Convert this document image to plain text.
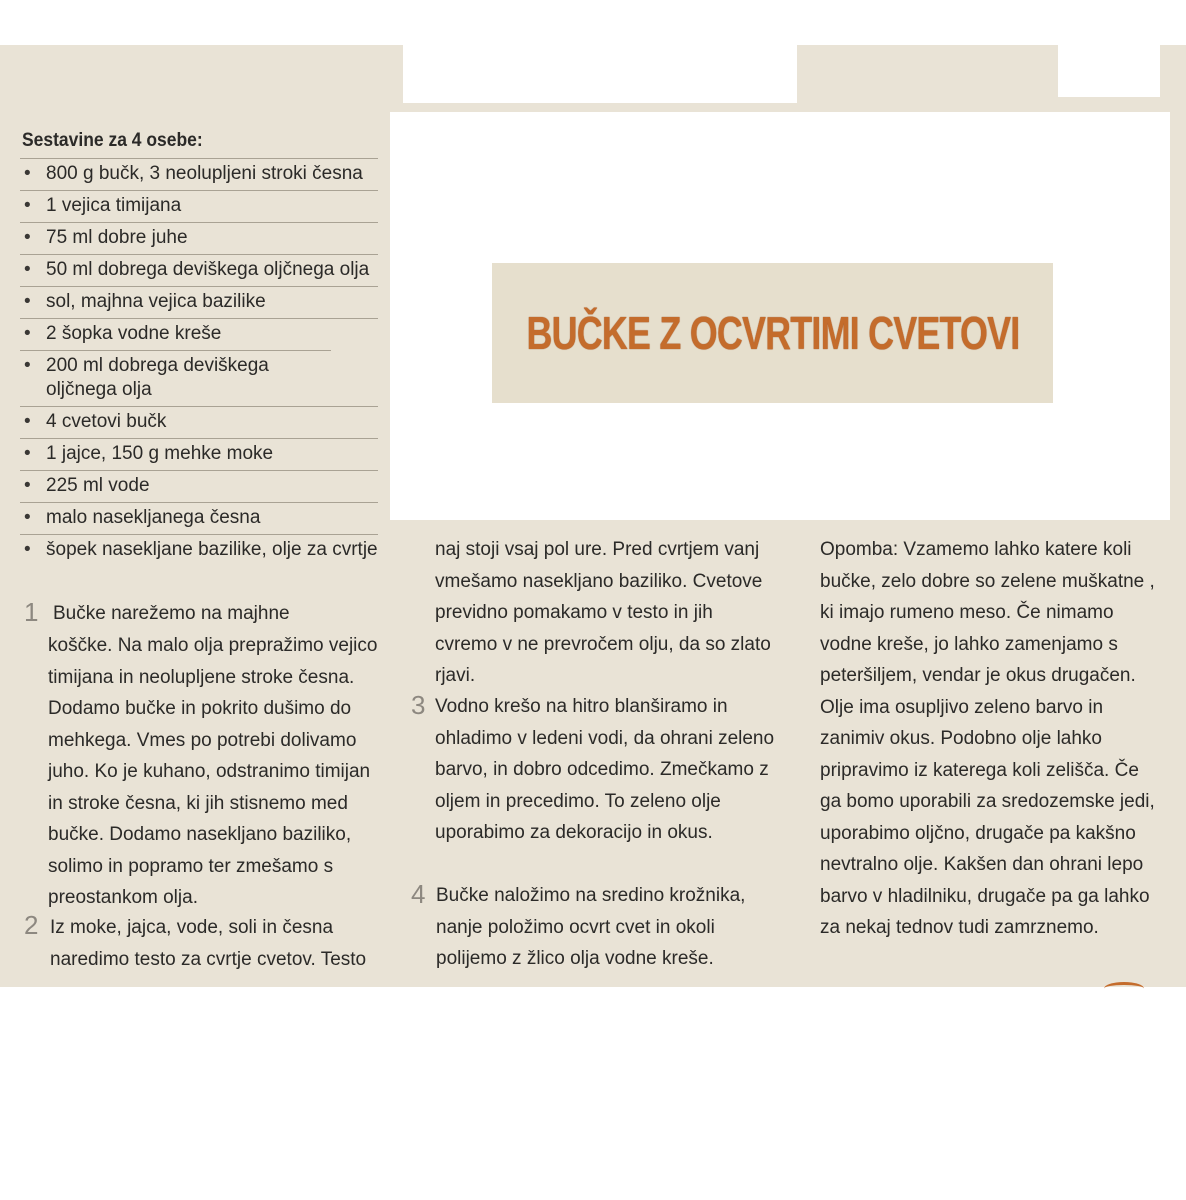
BUČKE Z OCVRTIMI CVETOVI
Sestavine za 4 osebe:
• 800 g bučk, 3 neolupljeni stroki česna
• 1 vejica timijana
• 75 ml dobre juhe
• 50 ml dobrega deviškega oljčnega olja
• sol, majhna vejica bazilike
• 2 šopka vodne kreše
• 200 ml dobrega deviškega oljčnega olja
• 4 cvetovi bučk
• 1 jajce, 150 g mehke moke
• 225 ml vode
• malo nasekljanega česna
• šopek nasekljane bazilike, olje za cvrtje
1 Bučke narežemo na majhne
koščke. Na malo olja prepražimo vejico timijana in neolupljene stroke česna. Dodamo bučke in pokrito dušimo do mehkega. Vmes po potrebi dolivamo juho. Ko je kuhano, odstranimo timijan in stroke česna, ki jih stisnemo med bučke. Dodamo nasekljano baziliko, solimo in popramo ter zmešamo s preostankom olja.
2 Iz moke, jajca, vode, soli in česna naredimo testo za cvrtje cvetov. Testo
naj stoji vsaj pol ure. Pred cvrtjem vanj vmešamo nasekljano baziliko. Cvetove previdno pomakamo v testo in jih cvremo v ne prevročem olju, da so zlato rjavi.
3 Vodno krešo na hitro blanširamo in ohladimo v ledeni vodi, da ohrani zeleno barvo, in dobro odcedimo. Zmečkamo z oljem in precedimo. To zeleno olje uporabimo za dekoracijo in okus.
4 Bučke naložimo na sredino krožnika, nanje položimo ocvrt cvet in okoli polijemo z žlico olja vodne kreše.
Opomba: Vzamemo lahko katere koli bučke, zelo dobre so zelene muškatne , ki imajo rumeno meso. Če nimamo vodne kreše, jo lahko zamenjamo s peteršiljem, vendar je okus drugačen. Olje ima osupljivo zeleno barvo in zanimiv okus. Podobno olje lahko pripravimo iz katerega koli zelišča. Če ga bomo uporabili za sredozemske jedi, uporabimo oljčno, drugače pa kakšno nevtralno olje. Kakšen dan ohrani lepo barvo v hladilniku, drugače pa ga lahko za nekaj tednov tudi zamrznemo.
